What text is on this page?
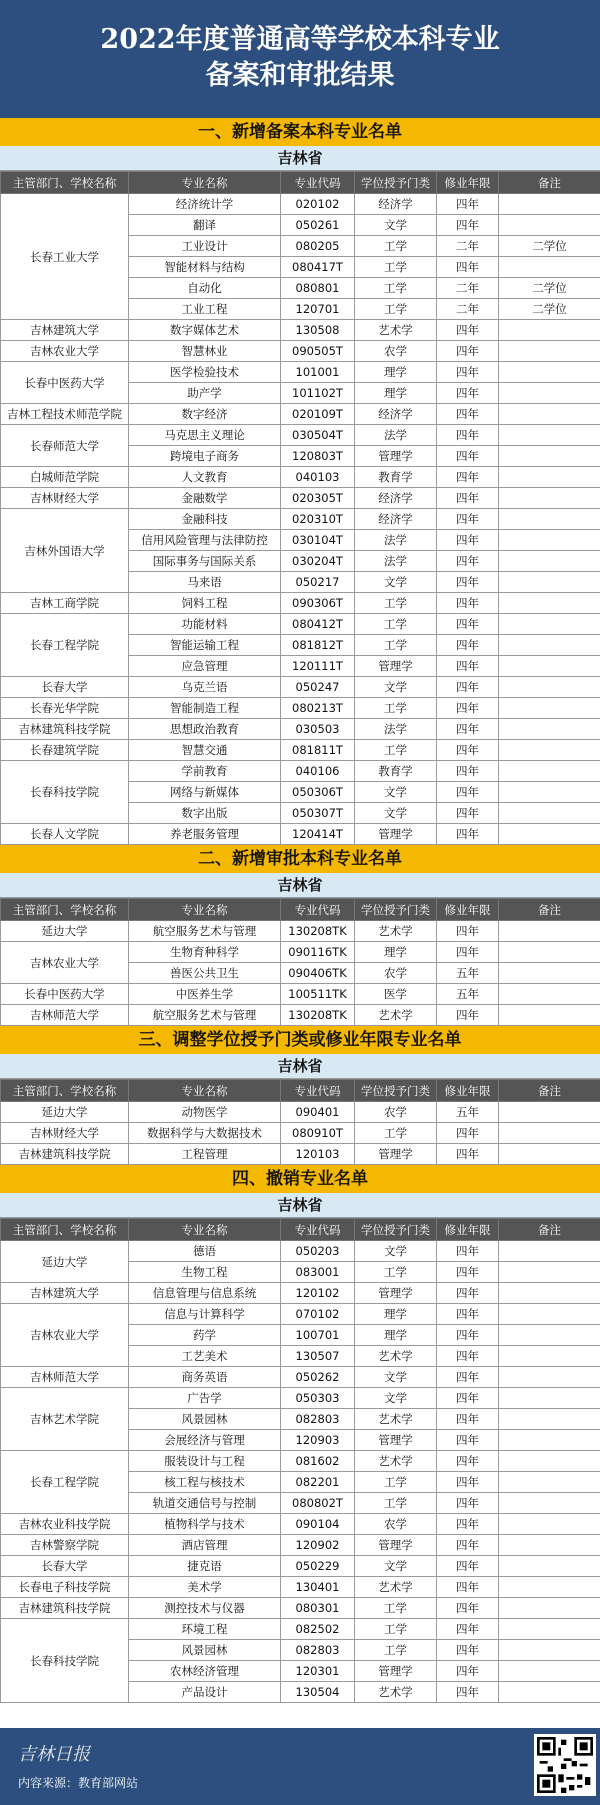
2022年度普通高等学校本科专业
备案和审批结果
一、新增备案本科专业名单
吉林省
主管部门、学校名称	专业名称	专业代码	学位授予门类	修业年限	备注
长春工业大学	经济统计学	020102	经济学	四年	
	翻译	050261	文学	四年	
	工业设计	080205	工学	二年	二学位
	智能材料与结构	080417T	工学	四年	
	自动化	080801	工学	二年	二学位
	工业工程	120701	工学	二年	二学位
吉林建筑大学	数字媒体艺术	130508	艺术学	四年	
吉林农业大学	智慧林业	090505T	农学	四年	
长春中医药大学	医学检验技术	101001	理学	四年	
	助产学	101102T	理学	四年	
吉林工程技术师范学院	数字经济	020109T	经济学	四年	
长春师范大学	马克思主义理论	030504T	法学	四年	
	跨境电子商务	120803T	管理学	四年	
白城师范学院	人文教育	040103	教育学	四年	
吉林财经大学	金融数学	020305T	经济学	四年	
吉林外国语大学	金融科技	020310T	经济学	四年	
	信用风险管理与法律防控	030104T	法学	四年	
	国际事务与国际关系	030204T	法学	四年	
	马来语	050217	文学	四年	
吉林工商学院	饲料工程	090306T	工学	四年	
长春工程学院	功能材料	080412T	工学	四年	
	智能运输工程	081812T	工学	四年	
	应急管理	120111T	管理学	四年	
长春大学	乌克兰语	050247	文学	四年	
长春光华学院	智能制造工程	080213T	工学	四年	
吉林建筑科技学院	思想政治教育	030503	法学	四年	
长春建筑学院	智慧交通	081811T	工学	四年	
长春科技学院	学前教育	040106	教育学	四年	
	网络与新媒体	050306T	文学	四年	
	数字出版	050307T	文学	四年	
长春人文学院	养老服务管理	120414T	管理学	四年	
二、新增审批本科专业名单
吉林省
主管部门、学校名称	专业名称	专业代码	学位授予门类	修业年限	备注
延边大学	航空服务艺术与管理	130208TK	艺术学	四年	
吉林农业大学	生物育种科学	090116TK	理学	四年	
	兽医公共卫生	090406TK	农学	五年	
长春中医药大学	中医养生学	100511TK	医学	五年	
吉林师范大学	航空服务艺术与管理	130208TK	艺术学	四年	
三、调整学位授予门类或修业年限专业名单
吉林省
主管部门、学校名称	专业名称	专业代码	学位授予门类	修业年限	备注
延边大学	动物医学	090401	农学	五年	
吉林财经大学	数据科学与大数据技术	080910T	工学	四年	
吉林建筑科技学院	工程管理	120103	管理学	四年	
四、撤销专业名单
吉林省
主管部门、学校名称	专业名称	专业代码	学位授予门类	修业年限	备注
延边大学	德语	050203	文学	四年	
	生物工程	083001	工学	四年	
吉林建筑大学	信息管理与信息系统	120102	管理学	四年	
吉林农业大学	信息与计算科学	070102	理学	四年	
	药学	100701	理学	四年	
	工艺美术	130507	艺术学	四年	
吉林师范大学	商务英语	050262	文学	四年	
吉林艺术学院	广告学	050303	文学	四年	
	风景园林	082803	艺术学	四年	
	会展经济与管理	120903	管理学	四年	
长春工程学院	服装设计与工程	081602	艺术学	四年	
	核工程与核技术	082201	工学	四年	
	轨道交通信号与控制	080802T	工学	四年	
吉林农业科技学院	植物科学与技术	090104	农学	四年	
吉林警察学院	酒店管理	120902	管理学	四年	
长春大学	捷克语	050229	文学	四年	
长春电子科技学院	美术学	130401	艺术学	四年	
吉林建筑科技学院	测控技术与仪器	080301	工学	四年	
长春科技学院	环境工程	082502	工学	四年	
	风景园林	082803	工学	四年	
	农林经济管理	120301	管理学	四年	
	产品设计	130504	艺术学	四年	
吉林日报
内容来源：教育部网站
